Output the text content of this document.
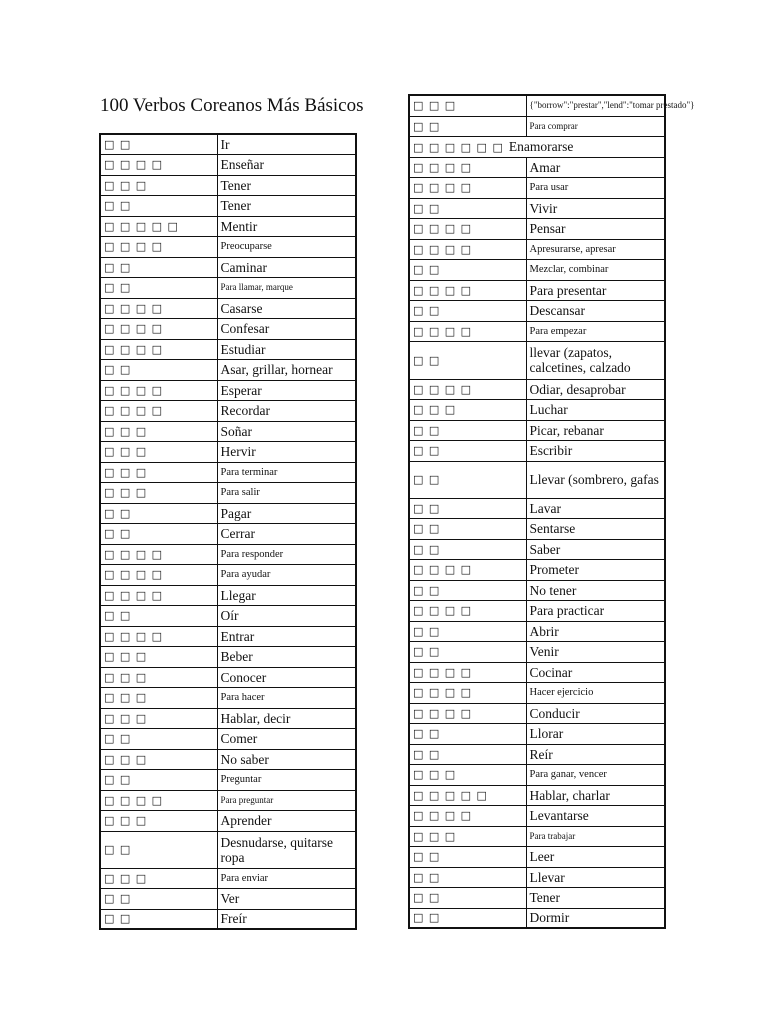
100 Verbos Coreanos Más Básicos
□ □	Ir
□ □ □ □	Enseñar
□ □ □	Tener
□ □	Tener
□ □ □ □ □	Mentir
□ □ □ □	Preocuparse
□ □	Caminar
□ □	Para llamar, marque
□ □ □ □	Casarse
□ □ □ □	Confesar
□ □ □ □	Estudiar
□ □	Asar, grillar, hornear
□ □ □ □	Esperar
□ □ □ □	Recordar
□ □ □	Soñar
□ □ □	Hervir
□ □ □	Para terminar
□ □ □	Para salir
□ □	Pagar
□ □	Cerrar
□ □ □ □	Para responder
□ □ □ □	Para ayudar
□ □ □ □	Llegar
□ □	Oír
□ □ □ □	Entrar
□ □ □	Beber
□ □ □	Conocer
□ □ □	Para hacer
□ □ □	Hablar, decir
□ □	Comer
□ □ □	No saber
□ □	Preguntar
□ □ □ □	Para preguntar
□ □ □	Aprender
□ □	Desnudarse, quitarse ropa
□ □ □	Para enviar
□ □	Ver
□ □	Freír
□ □ □	{"borrow":"prestar","lend":"tomar prestado"}
□ □	Para comprar
□ □ □ □ □ □ Enamorarse	
□ □ □ □	Amar
□ □ □ □	Para usar
□ □	Vivir
□ □ □ □	Pensar
□ □ □ □	Apresurarse, apresar
□ □	Mezclar, combinar
□ □ □ □	Para presentar
□ □	Descansar
□ □ □ □	Para empezar
□ □	llevar (zapatos, calcetines, calzado
□ □ □ □	Odiar, desaprobar
□ □ □	Luchar
□ □	Picar, rebanar
□ □	Escribir
□ □	Llevar (sombrero, gafas
□ □	Lavar
□ □	Sentarse
□ □	Saber
□ □ □ □	Prometer
□ □	No tener
□ □ □ □	Para practicar
□ □	Abrir
□ □	Venir
□ □ □ □	Cocinar
□ □ □ □	Hacer ejercicio
□ □ □ □	Conducir
□ □	Llorar
□ □	Reír
□ □ □	Para ganar, vencer
□ □ □ □ □	Hablar, charlar
□ □ □ □	Levantarse
□ □ □	Para trabajar
□ □	Leer
□ □	Llevar
□ □	Tener
□ □	Dormir
